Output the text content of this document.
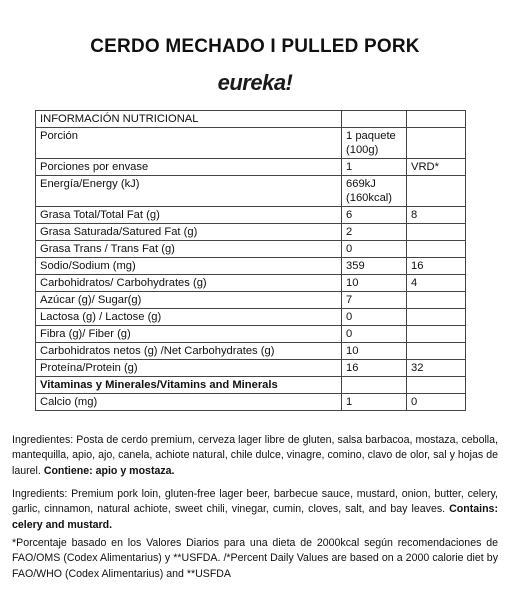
CERDO MECHADO I PULLED PORK
eureka!
INFORMACIÓN NUTRICIONAL		
Porción	1 paquete (100g)	
Porciones por envase	1	VRD*
Energía/Energy (kJ)	669kJ (160kcal)	
Grasa Total/Total Fat (g)	6	8
Grasa Saturada/Satured Fat (g)	2	
Grasa Trans / Trans Fat (g)	0	
Sodio/Sodium (mg)	359	16
Carbohidratos/ Carbohydrates (g)	10	4
Azúcar (g)/ Sugar(g)	7	
Lactosa (g) / Lactose (g)	0	
Fibra (g)/ Fiber (g)	0	
Carbohidratos netos (g) /Net Carbohydrates (g)	10	
Proteína/Protein (g)	16	32
Vitaminas y Minerales/Vitamins and Minerals		
Calcio (mg)	1	0
Ingredientes: Posta de cerdo premium, cerveza lager libre de gluten, salsa barbacoa, mostaza, cebolla, mantequilla, apio, ajo, canela, achiote natural, chile dulce, vinagre, comino, clavo de olor, sal y hojas de laurel. Contiene: apio y mostaza.
Ingredients: Premium pork loin, gluten-free lager beer, barbecue sauce, mustard, onion, butter, celery, garlic, cinnamon, natural achiote, sweet chili, vinegar, cumin, cloves, salt, and bay leaves. Contains: celery and mustard.
*Porcentaje basado en los Valores Diarios para una dieta de 2000kcal según recomendaciones de FAO/OMS (Codex Alimentarius) y **USFDA. /*Percent Daily Values are based on a 2000 calorie diet by FAO/WHO (Codex Alimentarius) and **USFDA
